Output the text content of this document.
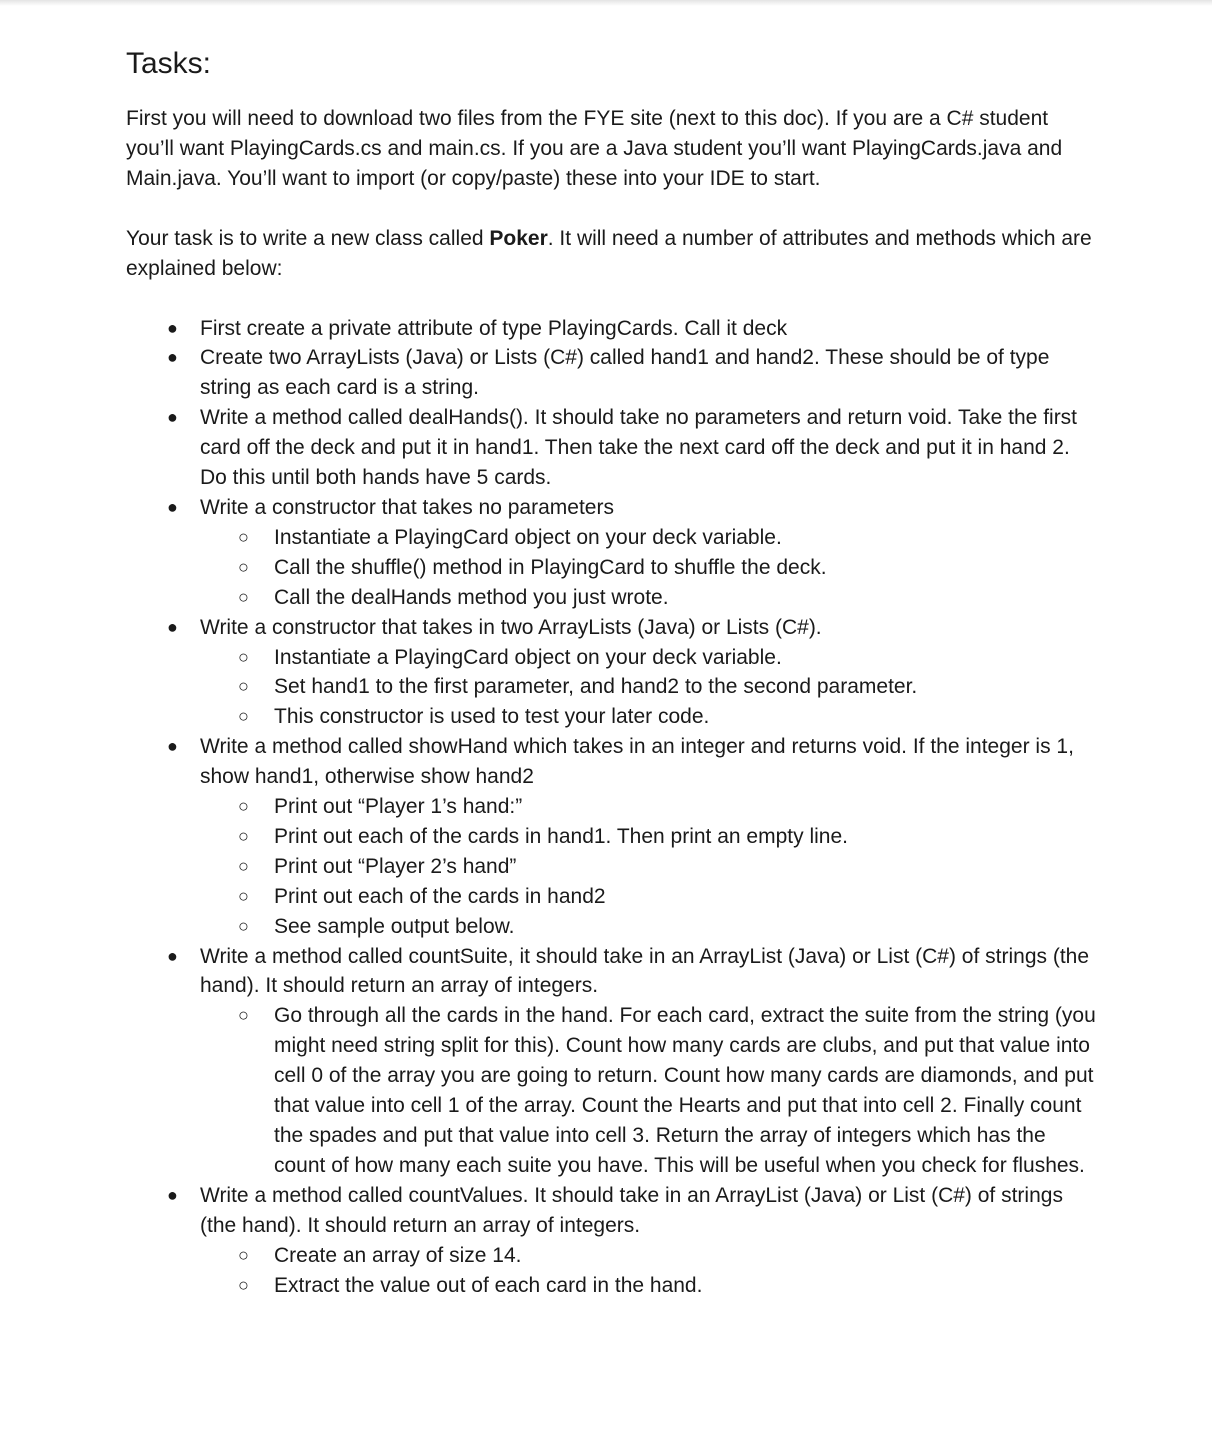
Tasks:

First you will need to download two files from the FYE site (next to this doc). If you are a C# student you’ll want PlayingCards.cs and main.cs. If you are a Java student you’ll want PlayingCards.java and Main.java. You’ll want to import (or copy/paste) these into your IDE to start.

Your task is to write a new class called Poker. It will need a number of attributes and methods which are explained below:

● First create a private attribute of type PlayingCards. Call it deck
● Create two ArrayLists (Java) or Lists (C#) called hand1 and hand2. These should be of type string as each card is a string.
● Write a method called dealHands(). It should take no parameters and return void. Take the first card off the deck and put it in hand1. Then take the next card off the deck and put it in hand 2. Do this until both hands have 5 cards.
● Write a constructor that takes no parameters
○ Instantiate a PlayingCard object on your deck variable.
○ Call the shuffle() method in PlayingCard to shuffle the deck.
○ Call the dealHands method you just wrote.
● Write a constructor that takes in two ArrayLists (Java) or Lists (C#).
○ Instantiate a PlayingCard object on your deck variable.
○ Set hand1 to the first parameter, and hand2 to the second parameter.
○ This constructor is used to test your later code.
● Write a method called showHand which takes in an integer and returns void. If the integer is 1, show hand1, otherwise show hand2
○ Print out “Player 1’s hand:”
○ Print out each of the cards in hand1. Then print an empty line.
○ Print out “Player 2’s hand”
○ Print out each of the cards in hand2
○ See sample output below.
● Write a method called countSuite, it should take in an ArrayList (Java) or List (C#) of strings (the hand). It should return an array of integers.
○ Go through all the cards in the hand. For each card, extract the suite from the string (you might need string split for this). Count how many cards are clubs, and put that value into cell 0 of the array you are going to return. Count how many cards are diamonds, and put that value into cell 1 of the array. Count the Hearts and put that into cell 2. Finally count the spades and put that value into cell 3. Return the array of integers which has the count of how many each suite you have. This will be useful when you check for flushes.
● Write a method called countValues. It should take in an ArrayList (Java) or List (C#) of strings (the hand). It should return an array of integers.
○ Create an array of size 14.
○ Extract the value out of each card in the hand.
